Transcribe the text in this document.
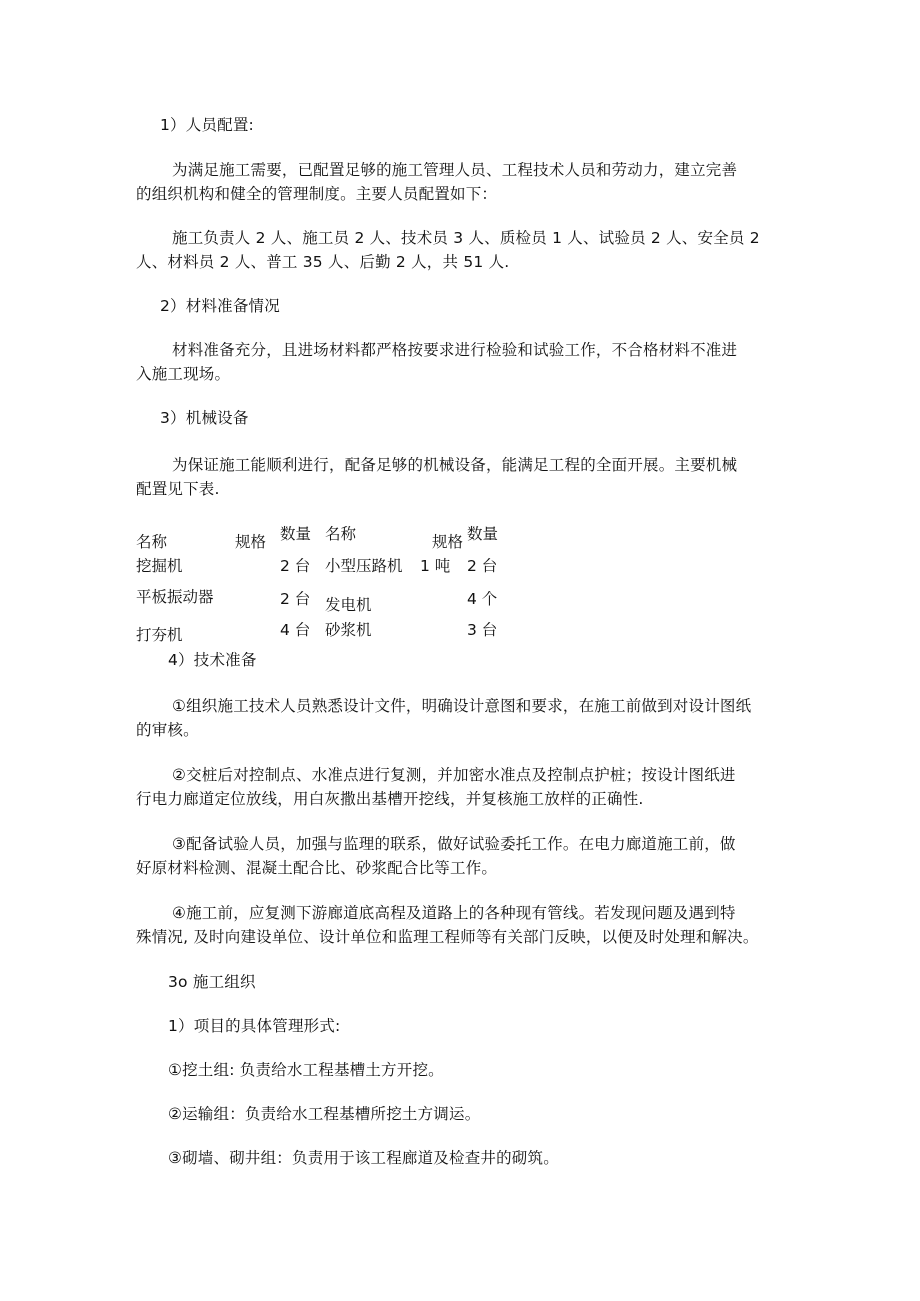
1）人员配置:
为满足施工需要，已配置足够的施工管理人员、工程技术人员和劳动力，建立完善
的组织机构和健全的管理制度。主要人员配置如下：
施工负责人 2 人、施工员 2 人、技术员 3 人、质检员 1 人、试验员 2 人、安全员 2
人、材料员 2 人、普工 35 人、后勤 2 人，共 51 人.
2）材料准备情况
材料准备充分，且进场材料都严格按要求进行检验和试验工作，不合格材料不准进
入施工现场。
3）机械设备
为保证施工能顺利进行，配备足够的机械设备，能满足工程的全面开展。主要机械
配置见下表.
名称	规格 数量 名称	规格 数量
挖掘机	2 台 小型压路机 1 吨 2 台
平板振动器	2 台 发电机	4 个
打夯机	4 台 砂浆机	3 台
4）技术准备
①组织施工技术人员熟悉设计文件，明确设计意图和要求，在施工前做到对设计图纸
的审核。
②交桩后对控制点、水准点进行复测，并加密水准点及控制点护桩；按设计图纸进
行电力廊道定位放线，用白灰撒出基槽开挖线，并复核施工放样的正确性.
③配备试验人员，加强与监理的联系，做好试验委托工作。在电力廊道施工前，做
好原材料检测、混凝土配合比、砂浆配合比等工作。
④施工前，应复测下游廊道底高程及道路上的各种现有管线。若发现问题及遇到特
殊情况, 及时向建设单位、设计单位和监理工程师等有关部门反映，以便及时处理和解决。
3o 施工组织
1）项目的具体管理形式:
①挖土组: 负责给水工程基槽土方开挖。
②运输组：负责给水工程基槽所挖土方调运。
③砌墙、砌井组：负责用于该工程廊道及检查井的砌筑。
